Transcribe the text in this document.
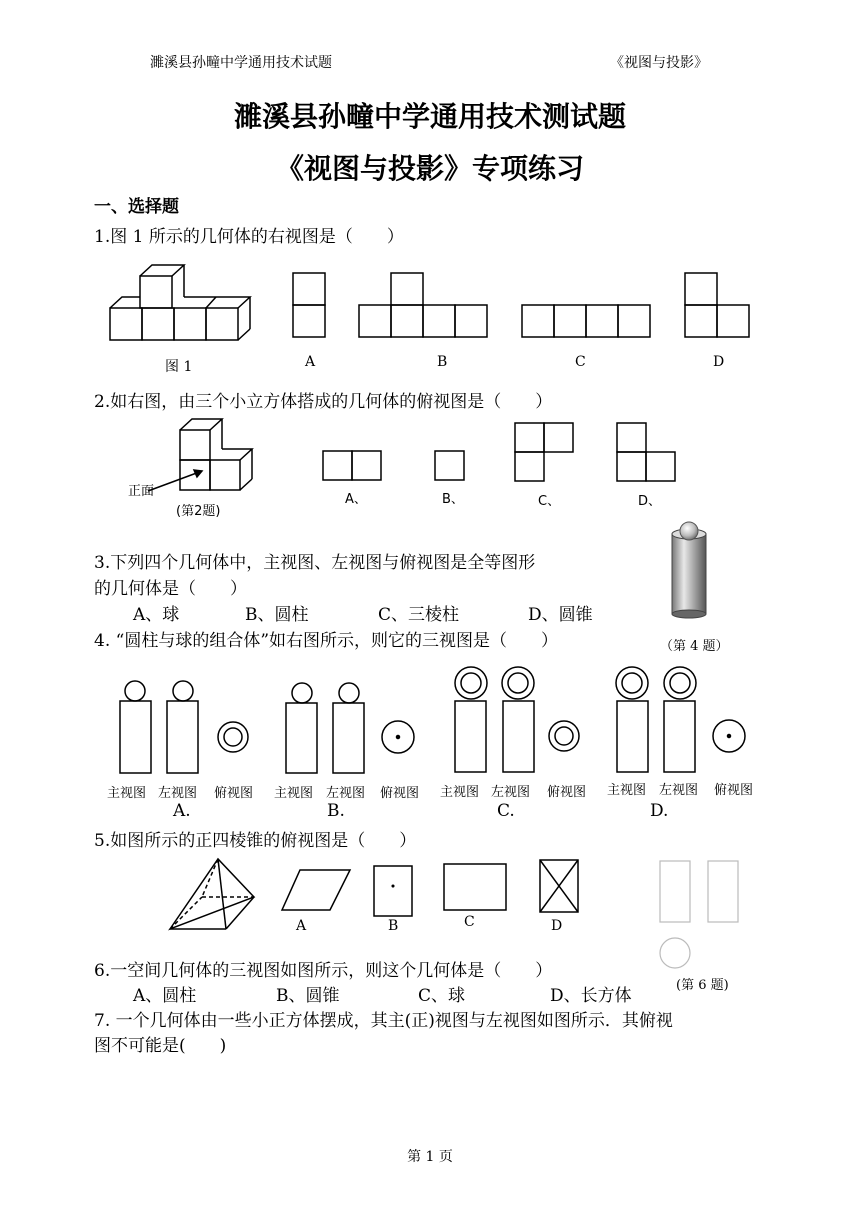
濉溪县孙疃中学通用技术试题	《视图与投影》
濉溪县孙疃中学通用技术测试题
《视图与投影》专项练习
一、选择题
1.图 1 所示的几何体的右视图是（　　）
图 1	A	B	C	D
2.如右图，由三个小立方体搭成的几何体的俯视图是（　　）
正面
(第2题)
A、	B、	C、	D、
3.下列四个几何体中，主视图、左视图与俯视图是全等图形
的几何体是（　　）
A、球	B、圆柱	C、三棱柱	D、圆锥
4. “圆柱与球的组合体”如右图所示，则它的三视图是（　　）	（第 4 题）
主视图 左视图 俯视图 主视图 左视图 俯视图 主视图 左视图 俯视图 主视图 左视图 俯视图
A.	B.	C.	D.
5.如图所示的正四棱锥的俯视图是（　　）
A	B	C	D
(第 6 题)
6.一空间几何体的三视图如图所示，则这个几何体是（　　）
A、圆柱	B、圆锥	C、球	D、长方体
7. 一个几何体由一些小正方体摆成，其主(正)视图与左视图如图所示．其俯视
图不可能是(　　)
第 1 页
